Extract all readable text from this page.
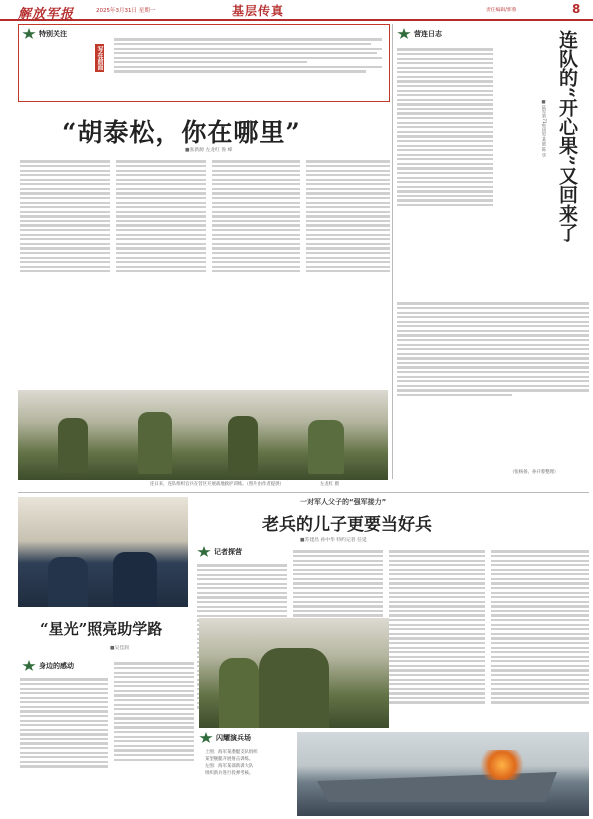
解放军报	2025年3月31日 星期一	基层传真	责任编辑/郭蓉	8
特别关注
写在前面
“胡泰松，你在哪里”
■张新源 左龙红 鲁 峰
连日来，连队组织官兵在营区开展战地救护训练。（照片由作者提供）	左龙红 摄
营连日志	连队的“开心果”又回来了
■陆军第71集团军某旅 陈 华
（张杨扬、孙开蓉整理）
一对军人父子的“强军接力”
老兵的儿子更要当好兵
■苏建昌 孙中华 特约记者 任延
记者探营
“星光”照亮助学路
■吴佳润
身边的感动
闪耀演兵场
上图：海军某潜艇支队组织
某型舰艇开展射击训练。
左图：海军某部新训大队
组织新兵进行投弹考核。
